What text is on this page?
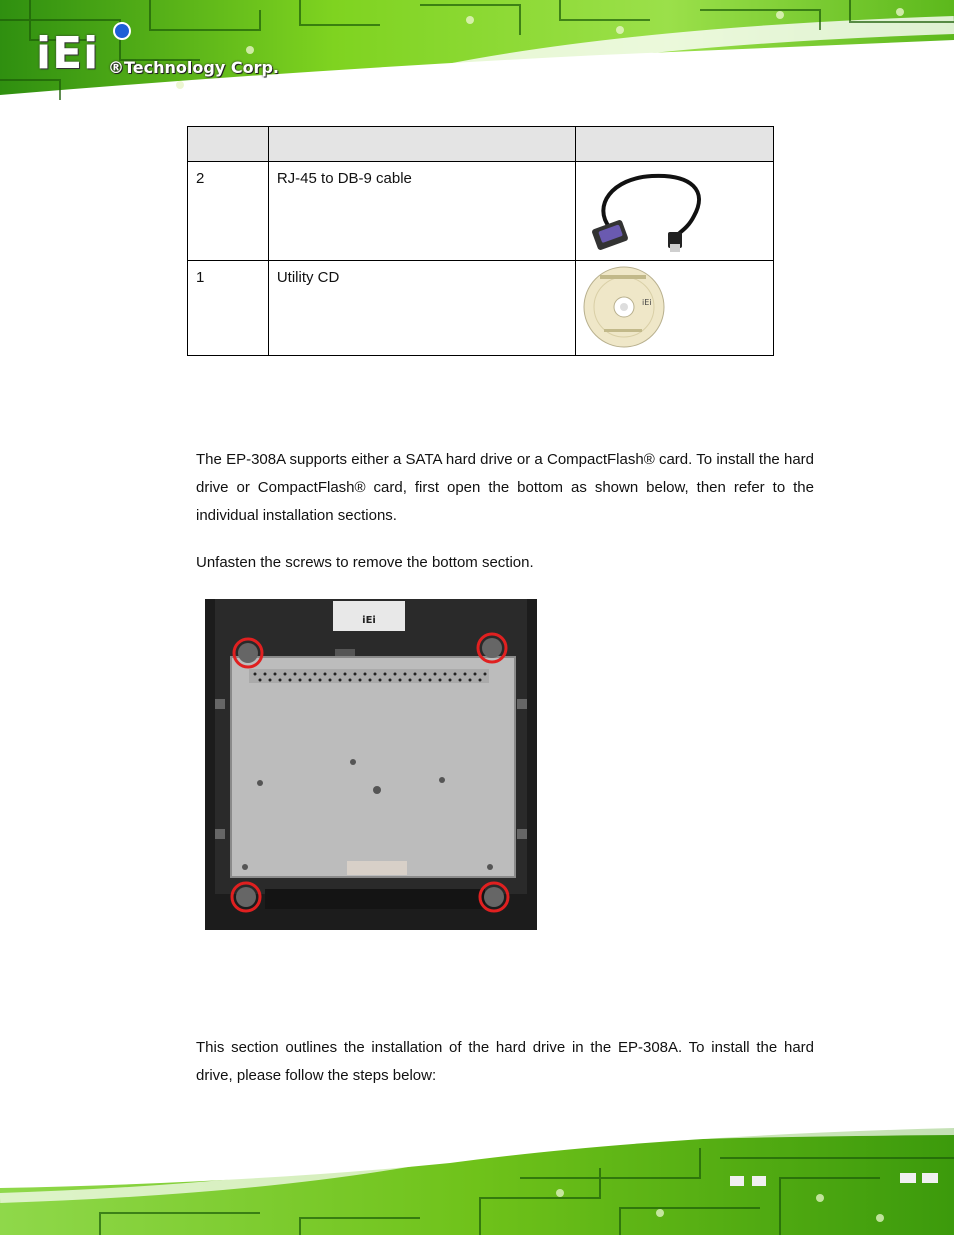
iEi ®Technology Corp.

2	RJ-45 to DB-9 cable

1	Utility CD	iEi

The EP-308A supports either a SATA hard drive or a CompactFlash® card. To install the hard drive or CompactFlash® card, first open the bottom as shown below, then refer to the individual installation sections.

Unfasten the screws to remove the bottom section.

iEi

This section outlines the installation of the hard drive in the EP-308A. To install the hard drive, please follow the steps below:
